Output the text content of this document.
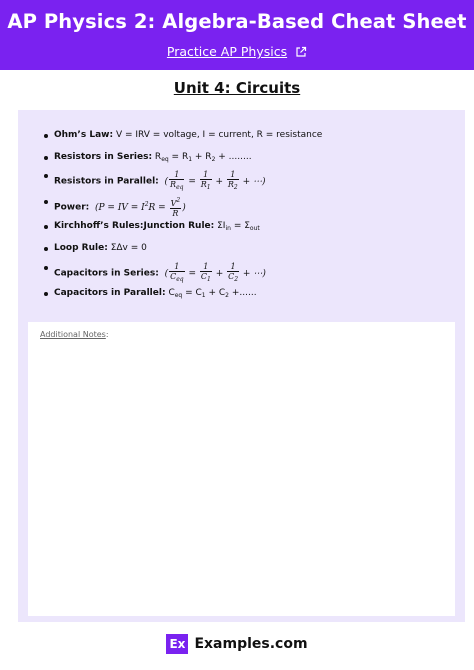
AP Physics 2: Algebra-Based Cheat Sheet
Practice AP Physics
Unit 4: Circuits
Ohm’s Law: V = IRV = voltage, I = current, R = resistance
Resistors in Series: $R_{eq} = R_1 + R_2$ + ........
Resistors in Parallel:  ( $\frac{1}{R_{eq}} = \frac{1}{R_1} + \frac{1}{R_2}$ + ⋯)
Power: (P = IV = $I^2R = \frac{V^2}{R}$ )
Kirchhoff’s Rules:Junction Rule: $\Sigma I_{in} = \Sigma_{out}$
Loop Rule: ΣΔv = 0
Capacitors in Series:  ( $\frac{1}{C_{eq}} = \frac{1}{C_1} + \frac{1}{C_2}$ + ⋯)
Capacitors in Parallel: $C_{eq} = C_1 + C_2$ +......
Additional Notes:
Ex Examples.com
